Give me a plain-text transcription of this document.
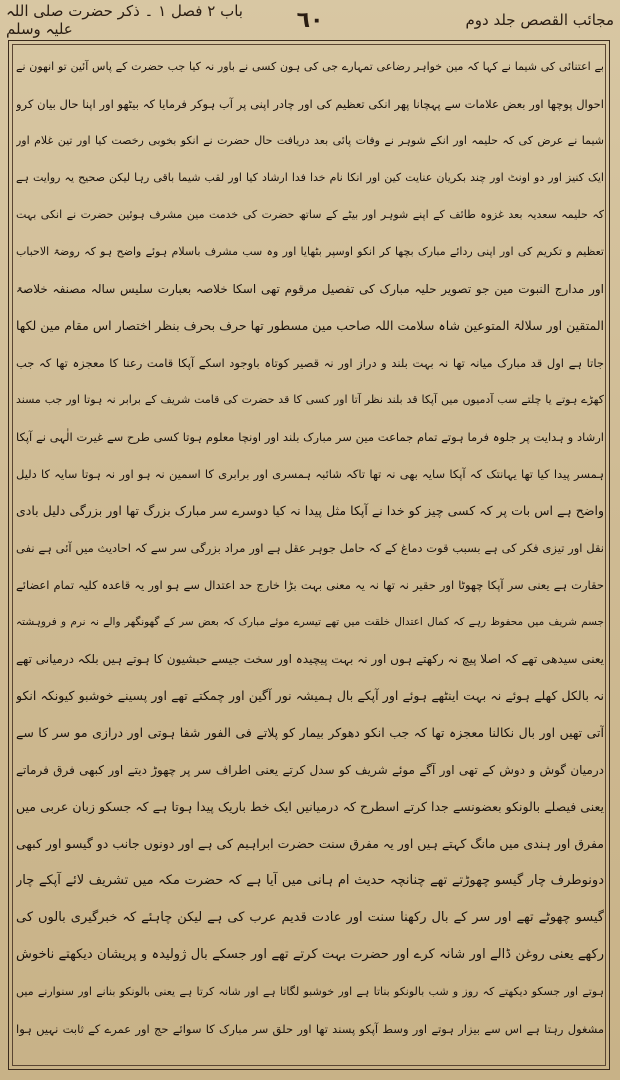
مجائب القصص جلد دوم
٦٠
باب ۲ فصل ۱ ۔ ذکر حضرت صلی اللہ علیہ وسلم
بے اعتنائی کی شیما نے کہا کہ مین خواہر رضاعی تمہارے جی کی ہون کسی نے باور نہ کیا جب حضرت کے پاس آئین تو انھون نے
احوال پوچھا اور بعض علامات سے پہچانا پھر انکی تعظیم کی اور چادر اپنی پر آب ہوکر فرمایا کہ بیٹھو اور اپنا حال بیان کرو
شیما نے عرض کی کہ حلیمہ اور انکے شوہر نے وفات پائی بعد دریافت حال حضرت نے انکو بخوبی رخصت کیا اور تین غلام اور
ایک کنیز اور دو اونٹ اور چند بکریان عنایت کین اور انکا نام خدا فدا ارشاد کیا اور لقب شیما باقی رہا لیکن صحیح یہ روایت ہے
کہ حلیمہ سعدیہ بعد غزوہ طائف کے اپنے شوہر اور بیٹے کے ساتھ حضرت کی خدمت مین مشرف ہوئین حضرت نے انکی بہت
تعظیم و تکریم کی اور اپنی ردائے مبارک بچھا کر انکو اوسپر بٹھایا اور وہ سب مشرف باسلام ہوئے واضح ہو کہ روضۃ الاحباب
اور مدارج النبوت مین جو تصویر حلیہ مبارک کی تفصیل مرقوم تھی اسکا خلاصہ بعبارت سلیس سالہ مصنفہ خلاصۃ
المتقین اور سلالۃ المتوعین شاہ سلامت اللہ صاحب مین مسطور تھا حرف بحرف بنظر اختصار اس مقام مین لکھا
جاتا ہے اول قد مبارک میانہ تھا نہ بہت بلند و دراز اور نہ قصیر کوتاہ باوجود اسکے آپکا قامت رعنا کا معجزہ تھا کہ جب
کھڑے ہوتے یا چلتے سب آدمیوں میں آپکا قد بلند نظر آتا اور کسی کا قد حضرت کی قامت شریف کے برابر نہ ہوتا اور جب مسند
ارشاد و ہدایت پر جلوہ فرما ہوتے تمام جماعت مین سر مبارک بلند اور اونچا معلوم ہوتا کسی طرح سے غیرت الٰہی نے آپکا
ہمسر پیدا کیا تھا یہانتک کہ آپکا سایہ بھی نہ تھا تاکہ شائبہ ہمسری اور برابری کا اسمین نہ ہو اور نہ ہوتا سایہ کا دلیل
واضح ہے اس بات پر کہ کسی چیز کو خدا نے آپکا مثل پیدا نہ کیا دوسرے سر مبارک بزرگ تھا اور بزرگی دلیل بادی
نقل اور تیزی فکر کی ہے بسبب قوت دماغ کے کہ حامل جوہر عقل ہے اور مراد بزرگی سر سے کہ احادیث میں آئی ہے نفی
حقارت ہے یعنی سر آپکا چھوٹا اور حقیر نہ تھا نہ یہ معنی بہت بڑا خارج حد اعتدال سے ہو اور یہ قاعدہ کلیہ تمام اعضائے
جسم شریف میں محفوظ رہے کہ کمال اعتدال خلقت میں تھے تیسرے موئے مبارک کہ بعض سر کے گھونگھر والے نہ نرم و فروہشتہ
یعنی سیدھی تھے کہ اصلا پیچ نہ رکھتے ہوں اور نہ بہت پیچیدہ اور سخت جیسے حبشیون کا ہوتے ہیں بلکہ درمیانی تھے
نہ بالکل کھلے ہوئے نہ بہت اینٹھے ہوئے اور آپکے بال ہمیشہ نور آگین اور چمکتے تھے اور پسینے خوشبو کیونکہ انکو
آتی تھیں اور بال نکالنا معجزہ تھا کہ جب انکو دھوکر بیمار کو پلاتے فی الفور شفا ہوتی اور درازی مو سر کا سے
درمیان گوش و دوش کے تھی اور آگے موئے شریف کو سدل کرتے یعنی اطراف سر پر چھوڑ دیتے اور کبھی فرق فرماتے
یعنی فیصلے بالونکو بعضونسے جدا کرتے اسطرح کہ درمیانیں ایک خط باریک پیدا ہوتا ہے کہ جسکو زبان عربی میں
مفرق اور ہندی میں مانگ کہتے ہیں اور یہ مفرق سنت حضرت ابراہیم کی ہے اور دونوں جانب دو گیسو اور کبھی
دونوطرف چار گیسو چھوڑتے تھے چنانچہ حدیث ام ہانی میں آیا ہے کہ حضرت مکہ میں تشریف لائے آپکے چار
گیسو چھوٹے تھے اور سر کے بال رکھنا سنت اور عادت قدیم عرب کی ہے لیکن چاہئے کہ خبرگیری بالوں کی
رکھے یعنی روغن ڈالے اور شانہ کرے اور حضرت بہت کرتے تھے اور جسکے بال ژولیدہ و پریشان دیکھتے ناخوش
ہوتے اور جسکو دیکھتے کہ روز و شب بالونکو بناتا ہے اور خوشبو لگاتا ہے اور شانہ کرتا ہے یعنی بالونکو بنانے اور سنوارنے میں
مشغول رہتا ہے اس سے بیزار ہوتے اور وسط آپکو پسند تھا اور حلق سر مبارک کا سوائے حج اور عمرے کے ثابت نہیں ہوا
